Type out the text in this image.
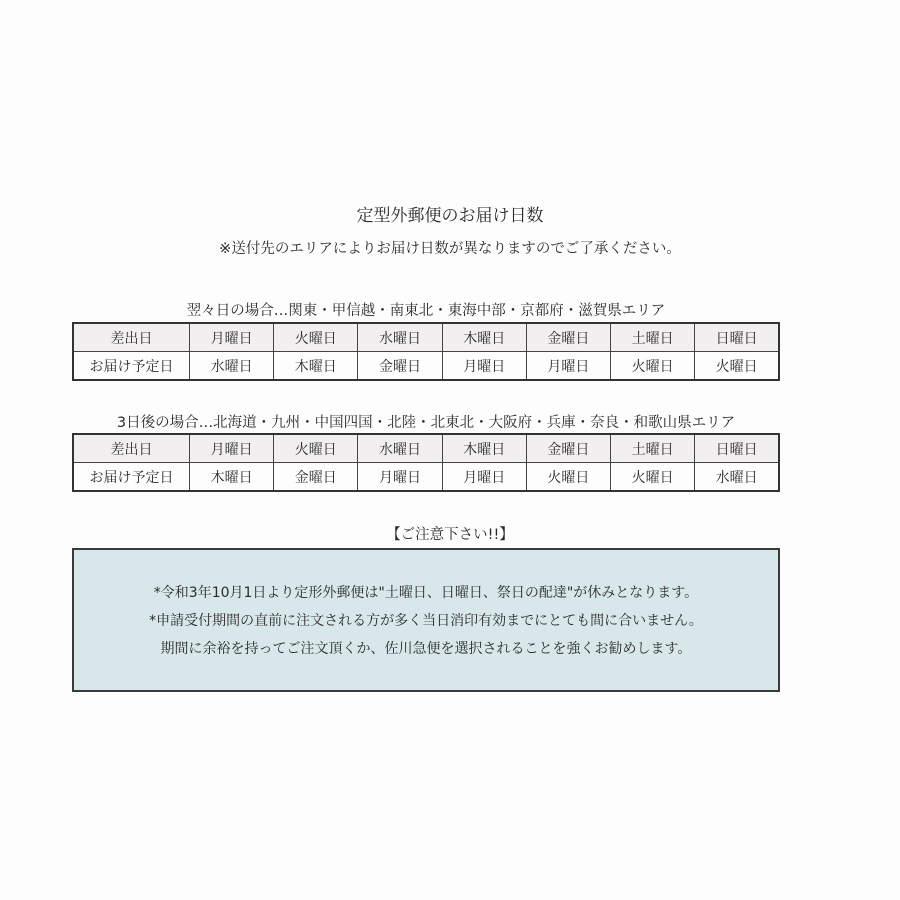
定型外郵便のお届け日数
※送付先のエリアによりお届け日数が異なりますのでご了承ください。
翌々日の場合…関東・甲信越・南東北・東海中部・京都府・滋賀県エリア
差出日	月曜日	火曜日	水曜日	木曜日	金曜日	土曜日	日曜日
お届け予定日	水曜日	木曜日	金曜日	月曜日	月曜日	火曜日	火曜日
3日後の場合…北海道・九州・中国四国・北陸・北東北・大阪府・兵庫・奈良・和歌山県エリア
差出日	月曜日	火曜日	水曜日	木曜日	金曜日	土曜日	日曜日
お届け予定日	木曜日	金曜日	月曜日	月曜日	火曜日	火曜日	水曜日
【ご注意下さい!!】
*令和3年10月1日より定形外郵便は"土曜日、日曜日、祭日の配達"が休みとなります。
*申請受付期間の直前に注文される方が多く当日消印有効までにとても間に合いません。
期間に余裕を持ってご注文頂くか、佐川急便を選択されることを強くお勧めします。
